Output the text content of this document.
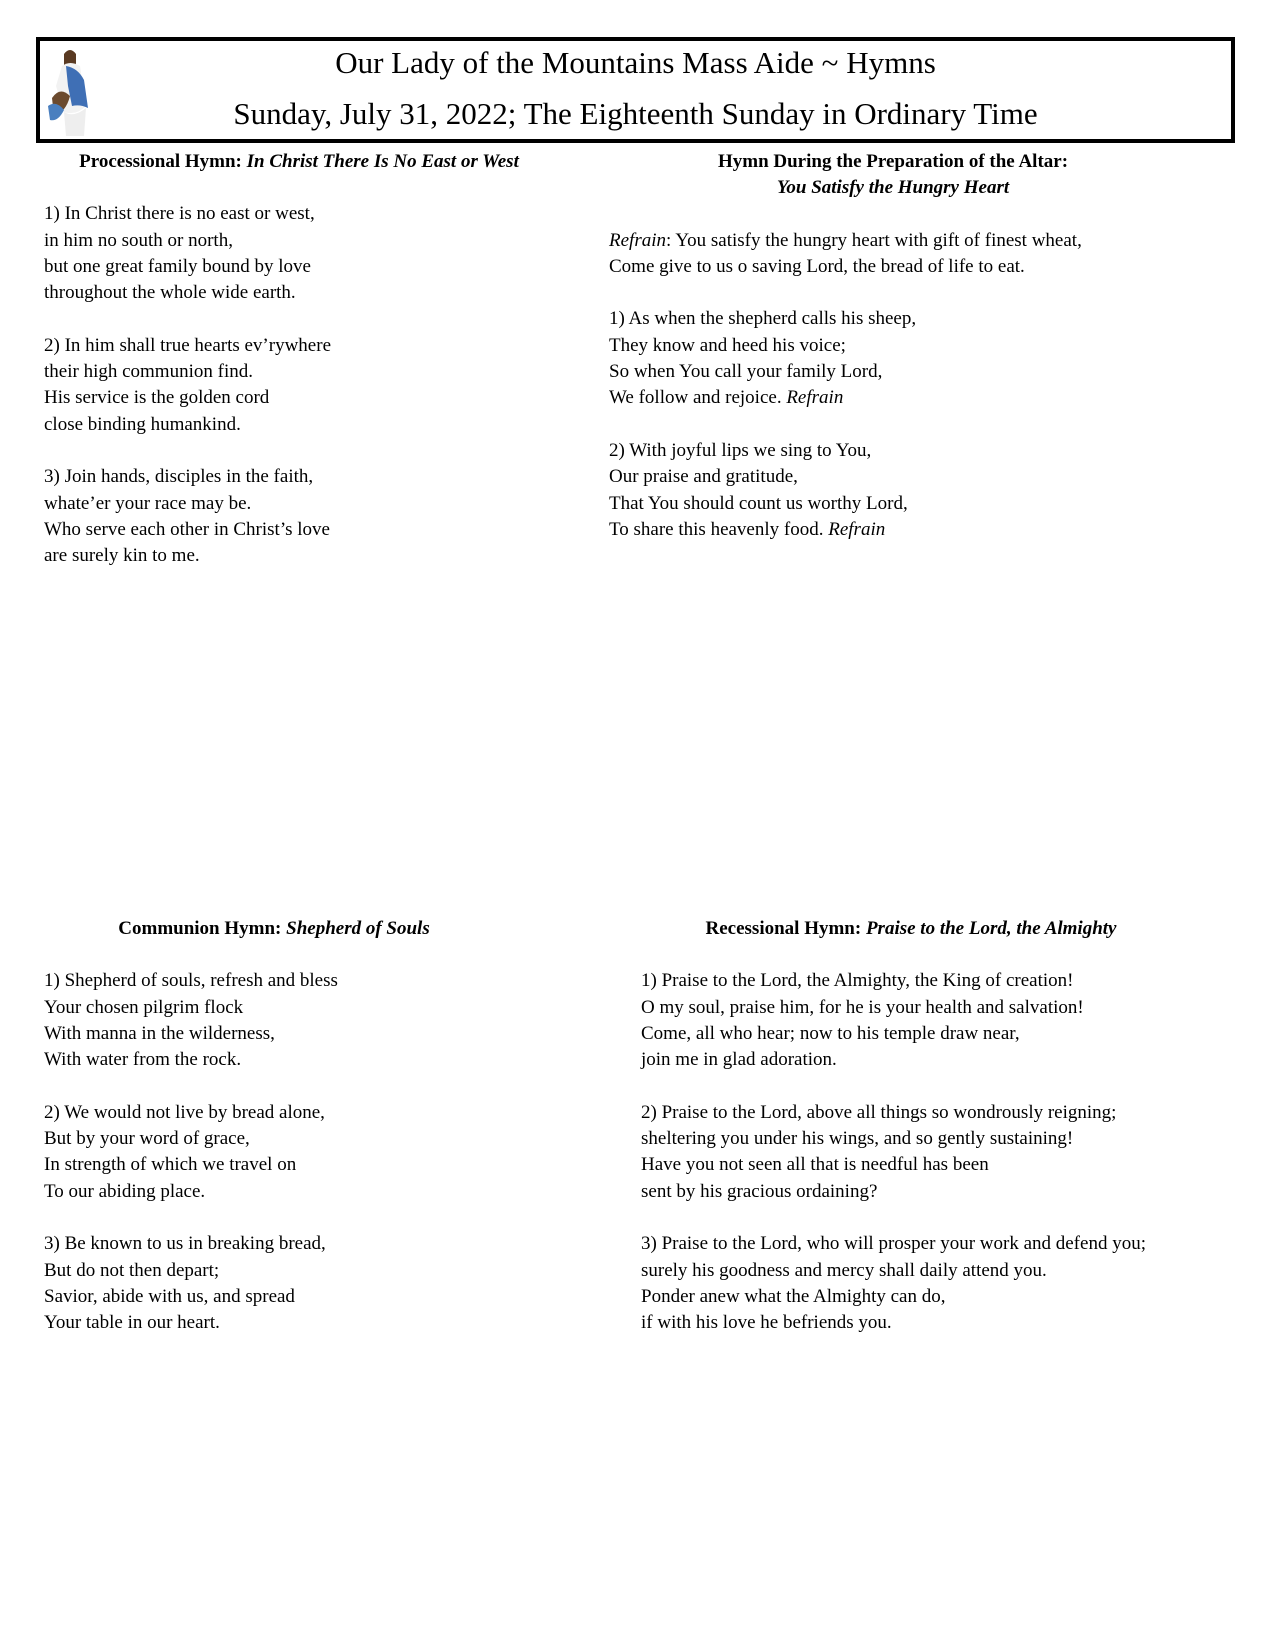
Our Lady of the Mountains Mass Aide ~ Hymns
Sunday, July 31, 2022; The Eighteenth Sunday in Ordinary Time
Processional Hymn: In Christ There Is No East or West
1) In Christ there is no east or west,
in him no south or north,
but one great family bound by love
throughout the whole wide earth.
2) In him shall true hearts ev’rywhere
their high communion find.
His service is the golden cord
close binding humankind.
3) Join hands, disciples in the faith,
whate’er your race may be.
Who serve each other in Christ’s love
are surely kin to me.
Hymn During the Preparation of the Altar:
You Satisfy the Hungry Heart
Refrain: You satisfy the hungry heart with gift of finest wheat,
Come give to us o saving Lord, the bread of life to eat.
1) As when the shepherd calls his sheep,
They know and heed his voice;
So when You call your family Lord,
We follow and rejoice. Refrain
2) With joyful lips we sing to You,
Our praise and gratitude,
That You should count us worthy Lord,
To share this heavenly food. Refrain
Communion Hymn: Shepherd of Souls
1) Shepherd of souls, refresh and bless
Your chosen pilgrim flock
With manna in the wilderness,
With water from the rock.
2) We would not live by bread alone,
But by your word of grace,
In strength of which we travel on
To our abiding place.
3) Be known to us in breaking bread,
But do not then depart;
Savior, abide with us, and spread
Your table in our heart.
Recessional Hymn: Praise to the Lord, the Almighty
1) Praise to the Lord, the Almighty, the King of creation!
O my soul, praise him, for he is your health and salvation!
Come, all who hear; now to his temple draw near,
join me in glad adoration.
2) Praise to the Lord, above all things so wondrously reigning;
sheltering you under his wings, and so gently sustaining!
Have you not seen all that is needful has been
sent by his gracious ordaining?
3) Praise to the Lord, who will prosper your work and defend you;
surely his goodness and mercy shall daily attend you.
Ponder anew what the Almighty can do,
if with his love he befriends you.
